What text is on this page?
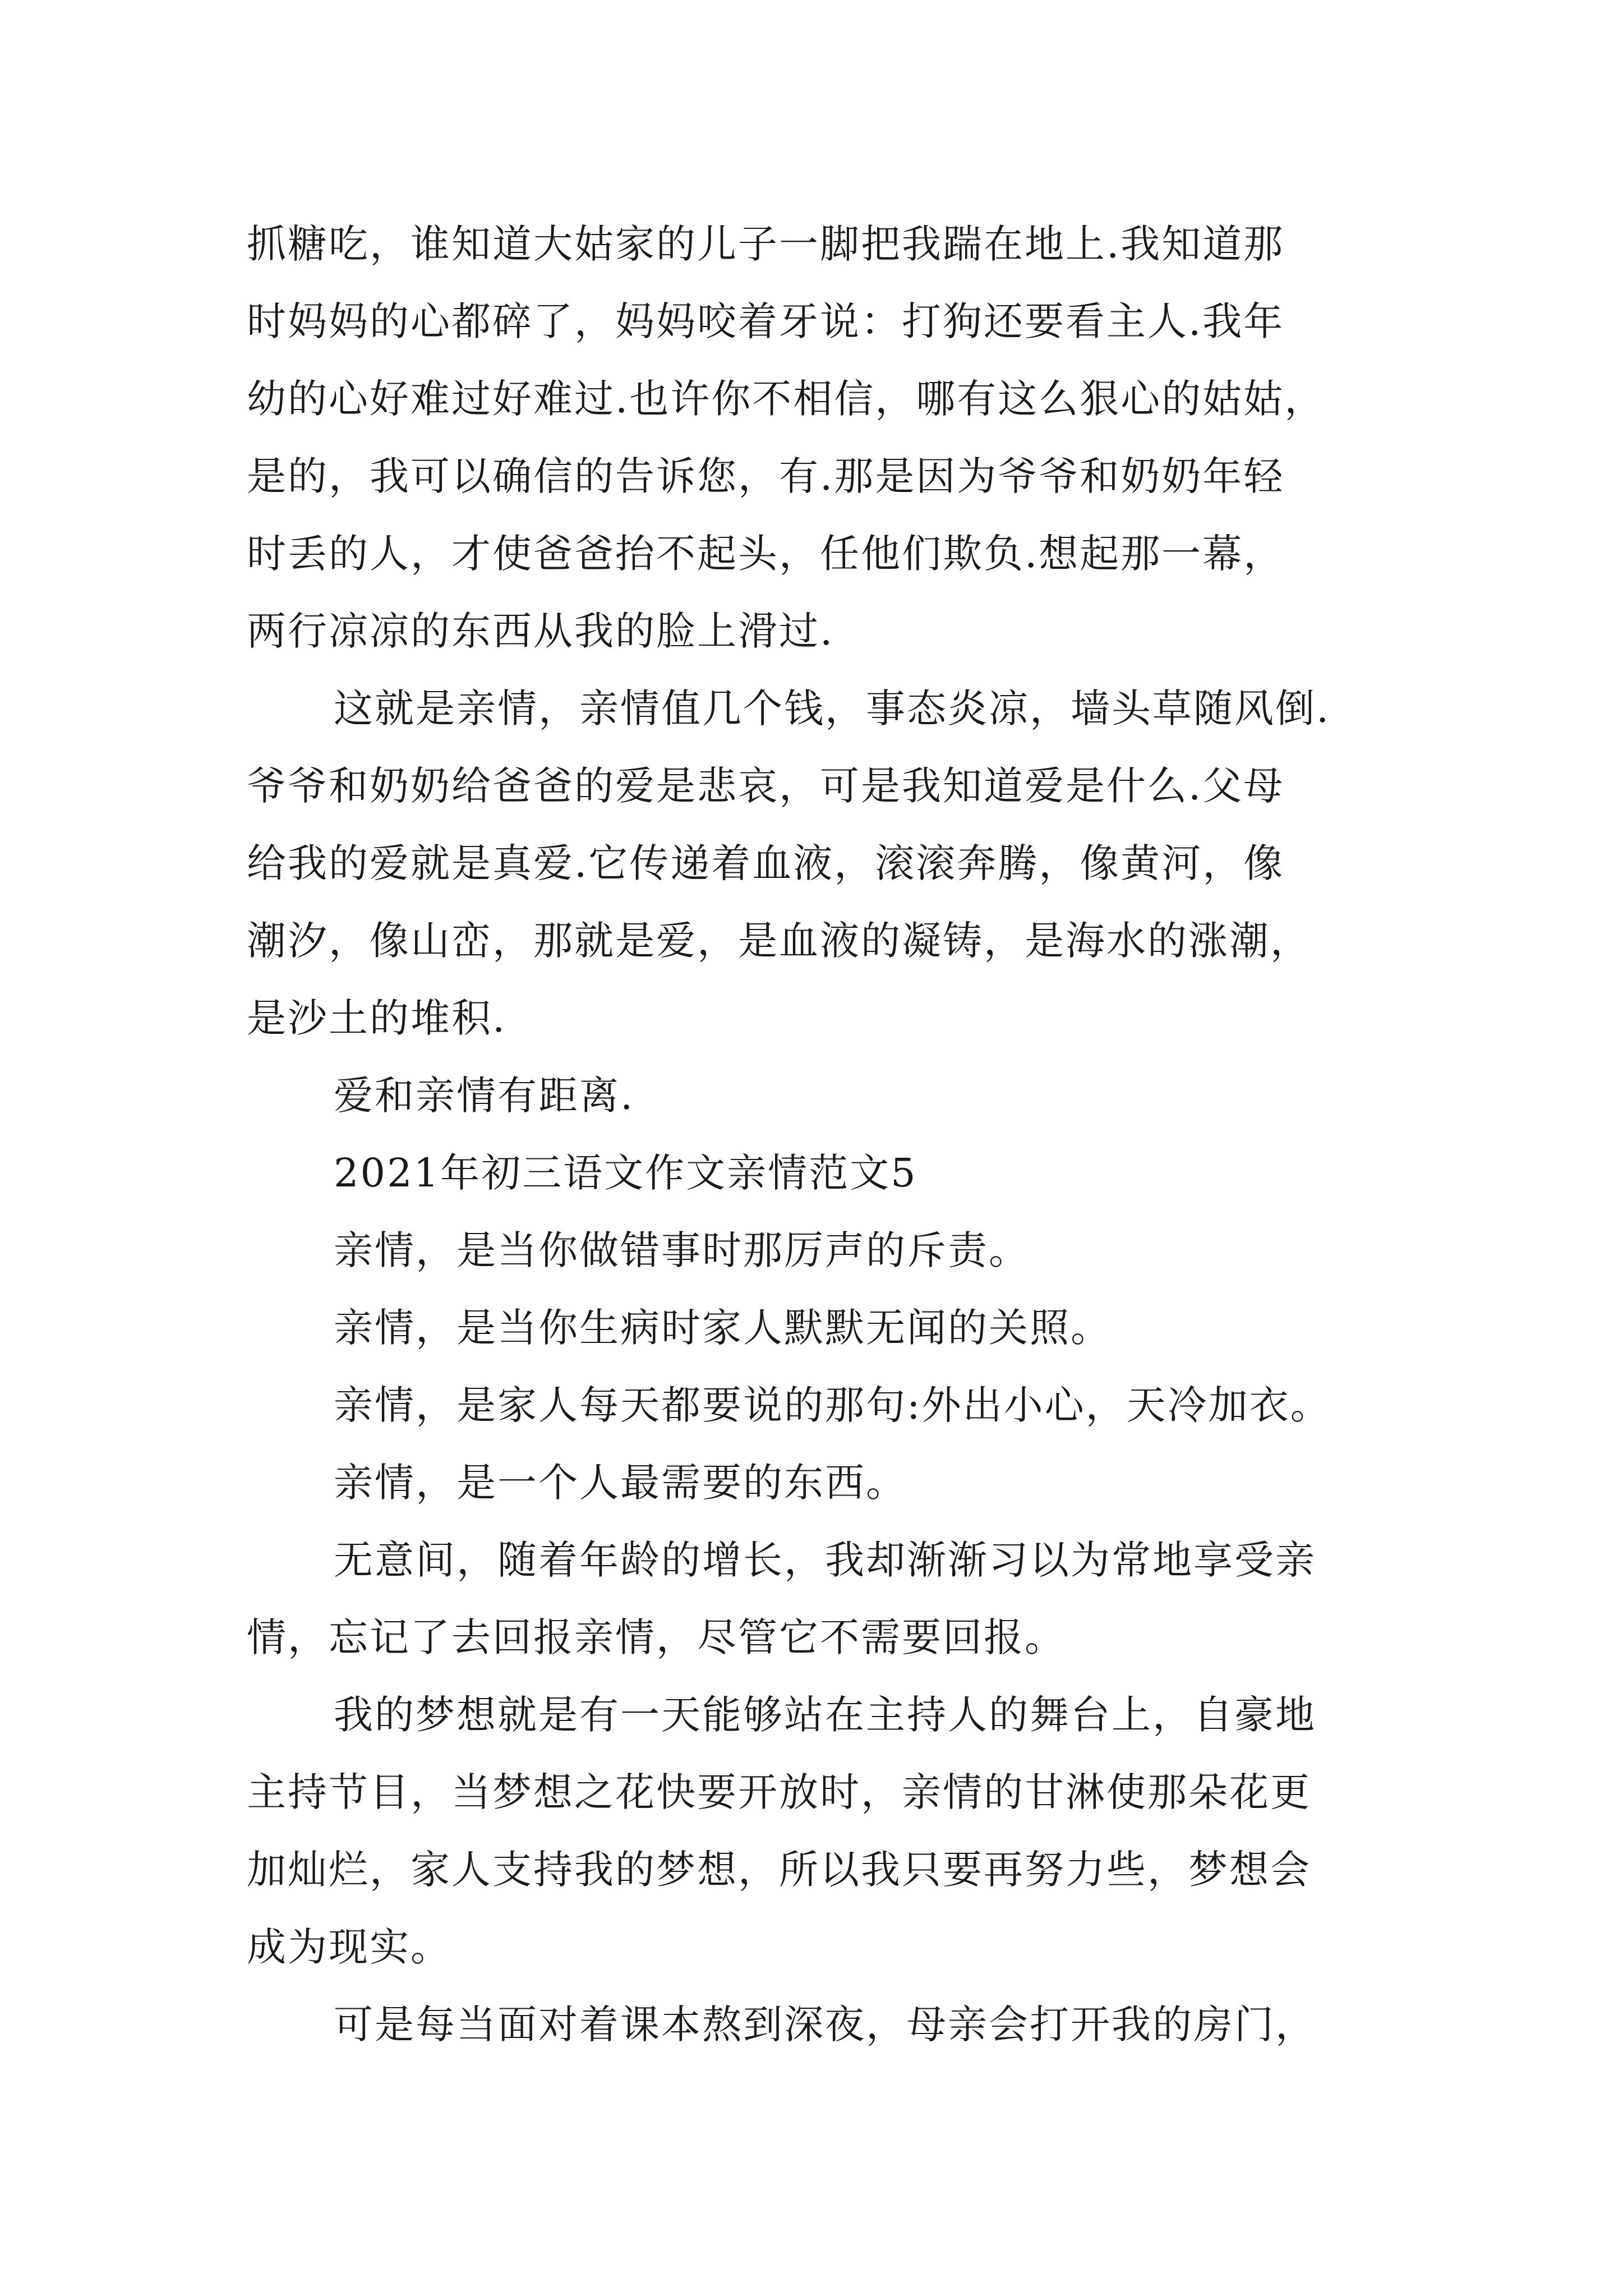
抓糖吃，谁知道大姑家的儿子一脚把我踹在地上.我知道那
时妈妈的心都碎了，妈妈咬着牙说：打狗还要看主人.我年
幼的心好难过好难过.也许你不相信，哪有这么狠心的姑姑，
是的，我可以确信的告诉您，有.那是因为爷爷和奶奶年轻
时丢的人，才使爸爸抬不起头，任他们欺负.想起那一幕，
两行凉凉的东西从我的脸上滑过.
这就是亲情，亲情值几个钱，事态炎凉，墙头草随风倒.
爷爷和奶奶给爸爸的爱是悲哀，可是我知道爱是什么.父母
给我的爱就是真爱.它传递着血液，滚滚奔腾，像黄河，像
潮汐，像山峦，那就是爱，是血液的凝铸，是海水的涨潮，
是沙土的堆积.
爱和亲情有距离.
2021年初三语文作文亲情范文5
亲情，是当你做错事时那厉声的斥责。
亲情，是当你生病时家人默默无闻的关照。
亲情，是家人每天都要说的那句:外出小心，天冷加衣。
亲情，是一个人最需要的东西。
无意间，随着年龄的增长，我却渐渐习以为常地享受亲
情，忘记了去回报亲情，尽管它不需要回报。
我的梦想就是有一天能够站在主持人的舞台上，自豪地
主持节目，当梦想之花快要开放时，亲情的甘淋使那朵花更
加灿烂，家人支持我的梦想，所以我只要再努力些，梦想会
成为现实。
可是每当面对着课本熬到深夜，母亲会打开我的房门，
